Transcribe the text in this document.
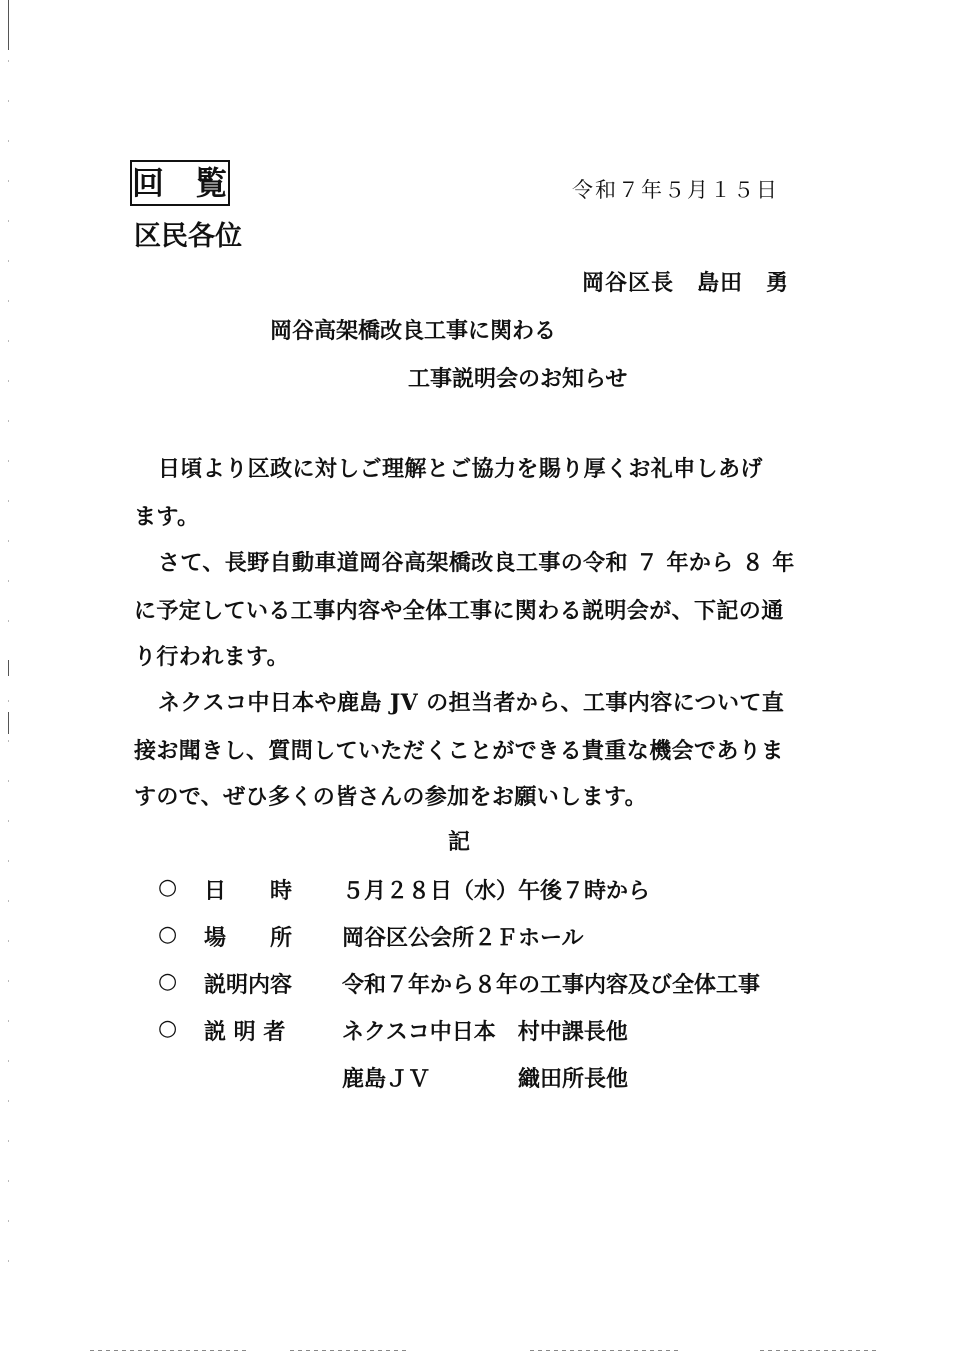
回 覧	令和７年５月１５日
区民各位
岡谷区長　島田　勇
岡谷高架橋改良工事に関わる
工事説明会のお知らせ
日頃より区政に対しご理解とご協力を賜り厚くお礼申しあげ
ます。
さて、長野自動車道岡谷高架橋改良工事の令和 ７ 年から ８ 年
に予定している工事内容や全体工事に関わる説明会が、下記の通
り行われます。
ネクスコ中日本や鹿島 JV の担当者から、工事内容について直
接お聞きし、質問していただくことができる貴重な機会でありま
すので、ぜひ多くの皆さんの参加をお願いします。
記
○ 日　　時 ５月２８日（水）午後７時から
○ 場　　所 岡谷区公会所２Ｆホール
○ 説明内容 令和７年から８年の工事内容及び全体工事
○ 説 明 者	ネクスコ中日本　村中課長他
鹿島ＪＶ　　　　織田所長他
